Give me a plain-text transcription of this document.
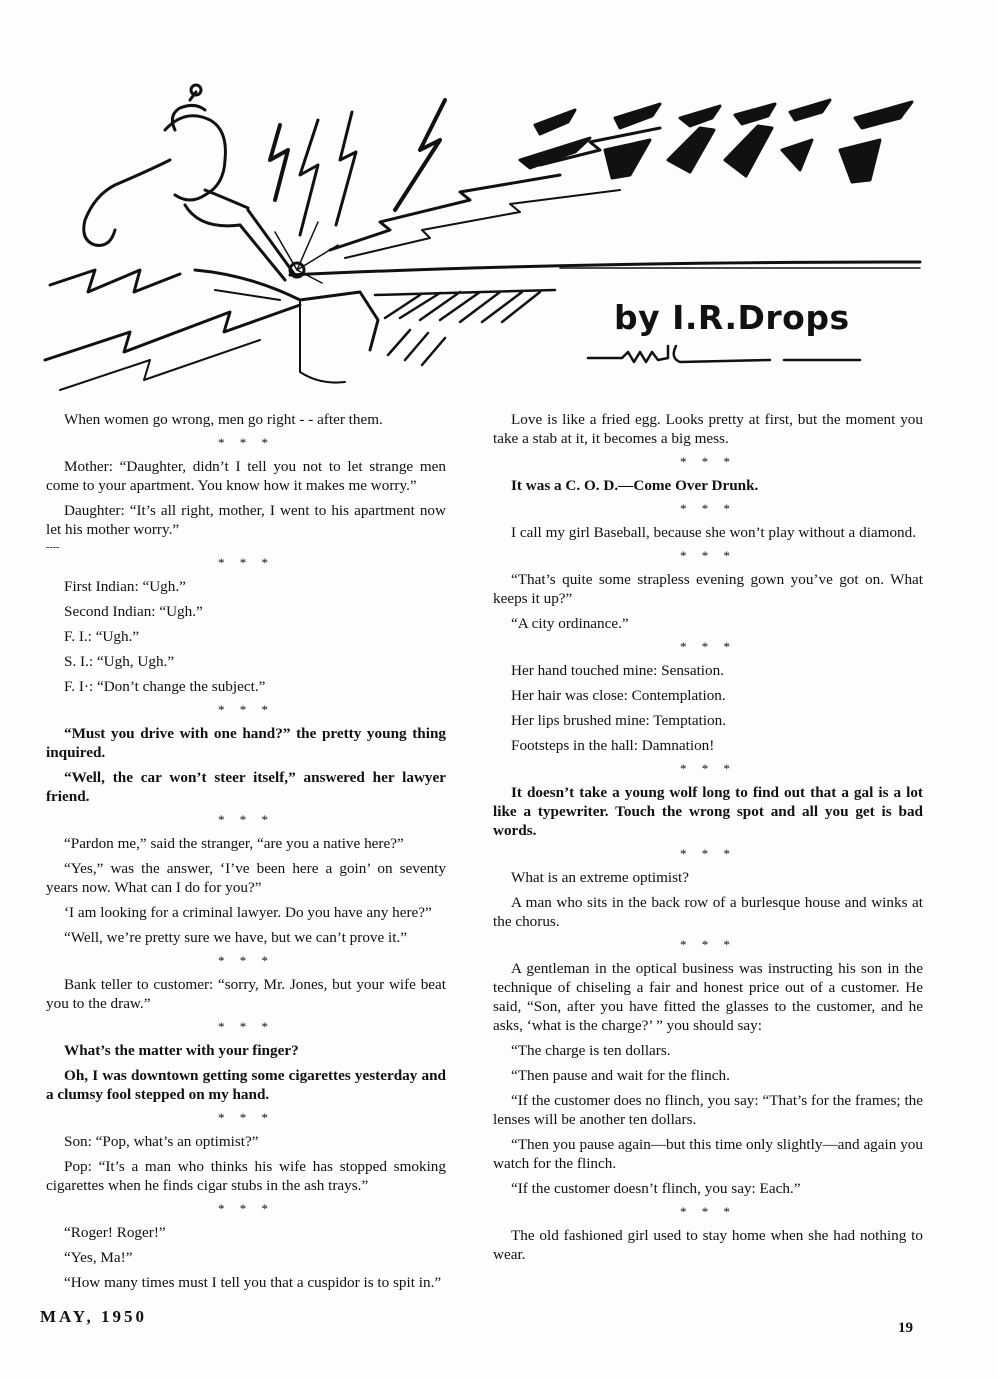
by I.R.Drops

When women go wrong, men go right - - after them.

* * *

Mother: “Daughter, didn’t I tell you not to let strange men come to your apartment. You know how it makes me worry.”

Daughter: “It’s all right, mother, I went to his apartment now let his mother worry.”

----
* * *

First Indian: “Ugh.”

Second Indian: “Ugh.”

F. I.: “Ugh.”

S. I.: “Ugh, Ugh.”

F. I·: “Don’t change the subject.”

* * *

“Must you drive with one hand?” the pretty young thing inquired.

“Well, the car won’t steer itself,” answered her lawyer friend.

* * *

“Pardon me,” said the stranger, “are you a native here?”

“Yes,” was the answer, ‘I’ve been here a goin’ on seventy years now. What can I do for you?”

‘I am looking for a criminal lawyer. Do you have any here?”

“Well, we’re pretty sure we have, but we can’t prove it.”

* * *

Bank teller to customer: “sorry, Mr. Jones, but your wife beat you to the draw.”

* * *

What’s the matter with your finger?

Oh, I was downtown getting some cigarettes yesterday and a clumsy fool stepped on my hand.

* * *

Son: “Pop, what’s an optimist?”

Pop: “It’s a man who thinks his wife has stopped smoking cigarettes when he finds cigar stubs in the ash trays.”

* * *

“Roger! Roger!”

“Yes, Ma!”

“How many times must I tell you that a cuspidor is to spit in.”

Love is like a fried egg. Looks pretty at first, but the moment you take a stab at it, it becomes a big mess.

* * *

It was a C. O. D.—Come Over Drunk.

* * *

I call my girl Baseball, because she won’t play without a diamond.

* * *

“That’s quite some strapless evening gown you’ve got on. What keeps it up?”

“A city ordinance.”

* * *

Her hand touched mine: Sensation.

Her hair was close: Contemplation.

Her lips brushed mine: Temptation.

Footsteps in the hall: Damnation!

* * *

It doesn’t take a young wolf long to find out that a gal is a lot like a typewriter. Touch the wrong spot and all you get is bad words.

* * *

What is an extreme optimist?

A man who sits in the back row of a burlesque house and winks at the chorus.

* * *

A gentleman in the optical business was instructing his son in the technique of chiseling a fair and honest price out of a customer. He said, “Son, after you have fitted the glasses to the customer, and he asks, ‘what is the charge?’ ” you should say:

“The charge is ten dollars.

“Then pause and wait for the flinch.

“If the customer does no flinch, you say: “That’s for the frames; the lenses will be another ten dollars.

“Then you pause again—but this time only slightly—and again you watch for the flinch.

“If the customer doesn’t flinch, you say: Each.”

* * *

The old fashioned girl used to stay home when she had nothing to wear.

MAY, 1950
19
